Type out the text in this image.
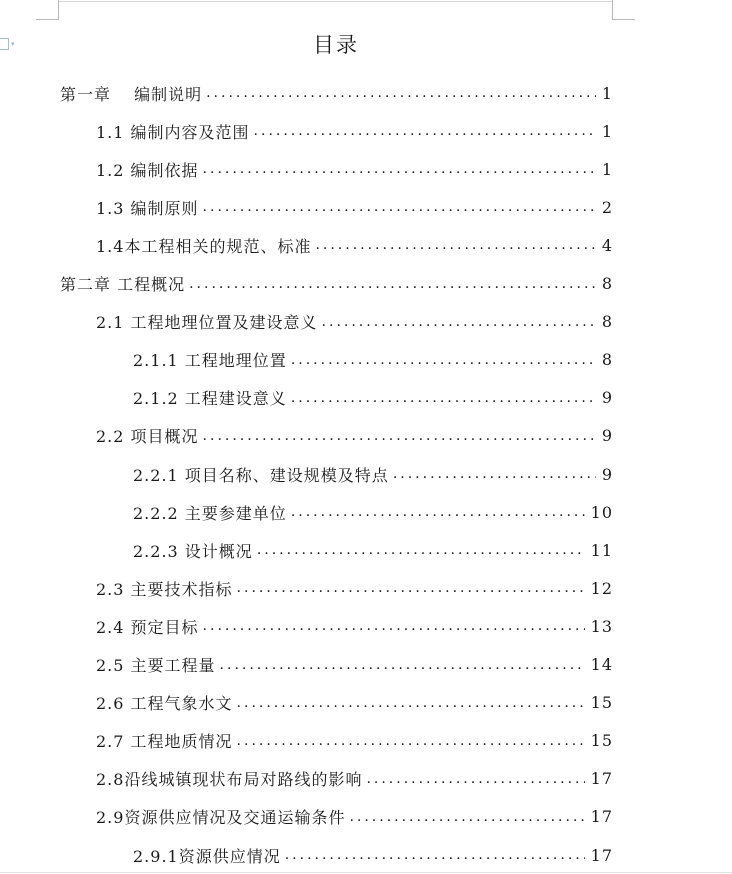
▾	目录
第一章　 编制说明 .....	1
1.1 编制内容及范围 .....	1
1.2 编制依据 .....	1
1.3 编制原则 .....	2
1.4本工程相关的规范、标准 .....	4
第二章 工程概况 .....	8
2.1 工程地理位置及建设意义 .....	8
2.1.1 工程地理位置 .....	8
2.1.2 工程建设意义 .....	9
2.2 项目概况 .....	9
2.2.1 项目名称、建设规模及特点 .....	9
2.2.2 主要参建单位 .....	10
2.2.3 设计概况 .....	11
2.3 主要技术指标 .....	12
2.4 预定目标 .....	13
2.5 主要工程量 .....	14
2.6 工程气象水文 .....	15
2.7 工程地质情况 .....	15
2.8沿线城镇现状布局对路线的影响 .....	17
2.9资源供应情况及交通运输条件 .....	17
2.9.1资源供应情况 .....	17
